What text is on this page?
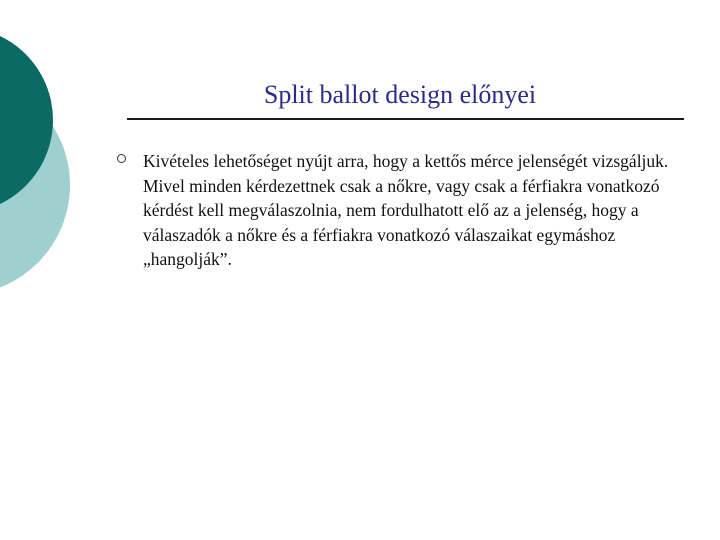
Split ballot design előnyei
Kivételes lehetőséget nyújt arra, hogy a kettős mérce jelenségét vizsgáljuk. Mivel minden kérdezettnek csak a nőkre, vagy csak a férfiakra vonatkozó kérdést kell megválaszolnia, nem fordulhatott elő az a jelenség, hogy a válaszadók a nőkre és a férfiakra vonatkozó válaszaikat egymáshoz „hangolják”.
